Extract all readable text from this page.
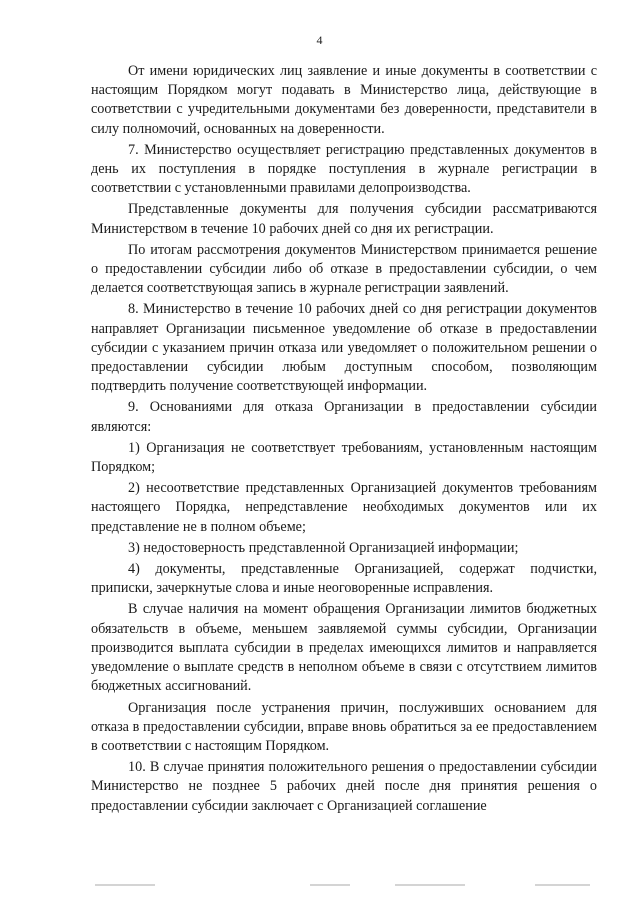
4

От имени юридических лиц заявление и иные документы в соответствии с настоящим Порядком могут подавать в Министерство лица, действующие в соответствии с учредительными документами без доверенности, представители в силу полномочий, основанных на доверенности.

7. Министерство осуществляет регистрацию представленных документов в день их поступления в порядке поступления в журнале регистрации в соответствии с установленными правилами делопроизводства.

Представленные документы для получения субсидии рассматриваются Министерством в течение 10 рабочих дней со дня их регистрации.

По итогам рассмотрения документов Министерством принимается решение о предоставлении субсидии либо об отказе в предоставлении субсидии, о чем делается соответствующая запись в журнале регистрации заявлений.

8. Министерство в течение 10 рабочих дней со дня регистрации документов направляет Организации письменное уведомление об отказе в предоставлении субсидии с указанием причин отказа или уведомляет о положительном решении о предоставлении субсидии любым доступным способом, позволяющим подтвердить получение соответствующей информации.

9. Основаниями для отказа Организации в предоставлении субсидии являются:

1) Организация не соответствует требованиям, установленным настоящим Порядком;

2) несоответствие представленных Организацией документов требованиям настоящего Порядка, непредставление необходимых документов или их представление не в полном объеме;

3) недостоверность представленной Организацией информации;

4) документы, представленные Организацией, содержат подчистки, приписки, зачеркнутые слова и иные неоговоренные исправления.

В случае наличия на момент обращения Организации лимитов бюджетных обязательств в объеме, меньшем заявляемой суммы субсидии, Организации производится выплата субсидии в пределах имеющихся лимитов и направляется уведомление о выплате средств в неполном объеме в связи с отсутствием лимитов бюджетных ассигнований.

Организация после устранения причин, послуживших основанием для отказа в предоставлении субсидии, вправе вновь обратиться за ее предоставлением в соответствии с настоящим Порядком.

10. В случае принятия положительного решения о предоставлении субсидии Министерство не позднее 5 рабочих дней после дня принятия решения о предоставлении субсидии заключает с Организацией соглашение
